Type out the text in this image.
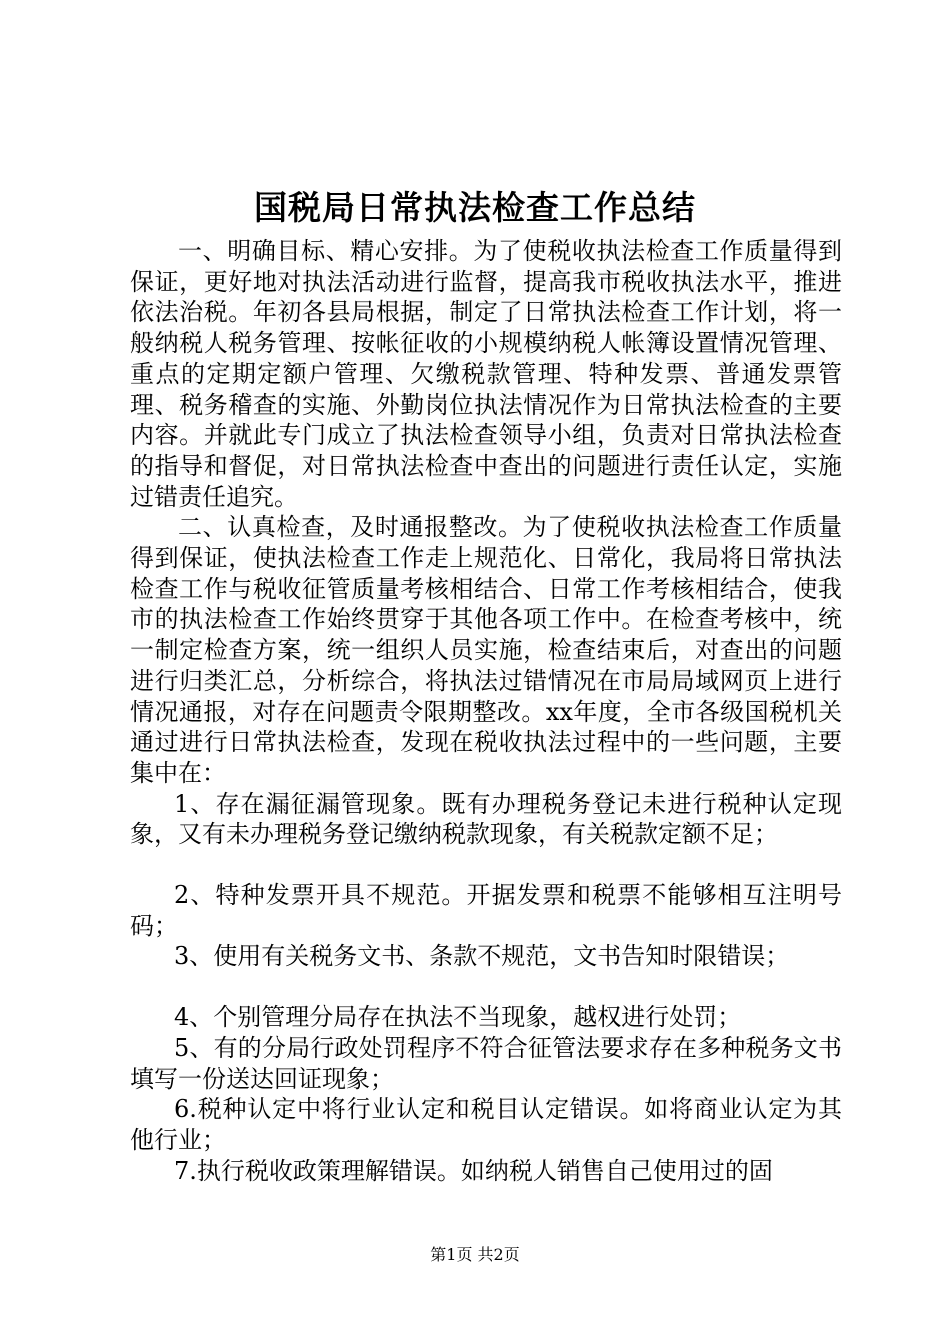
国税局日常执法检查工作总结

一、明确目标、精心安排。为了使税收执法检查工作质量得到保证，更好地对执法活动进行监督，提高我市税收执法水平，推进依法治税。年初各县局根据，制定了日常执法检查工作计划，将一般纳税人税务管理、按帐征收的小规模纳税人帐簿设置情况管理、重点的定期定额户管理、欠缴税款管理、特种发票、普通发票管理、税务稽查的实施、外勤岗位执法情况作为日常执法检查的主要内容。并就此专门成立了执法检查领导小组，负责对日常执法检查的指导和督促，对日常执法检查中查出的问题进行责任认定，实施过错责任追究。

二、认真检查，及时通报整改。为了使税收执法检查工作质量得到保证，使执法检查工作走上规范化、日常化，我局将日常执法检查工作与税收征管质量考核相结合、日常工作考核相结合，使我市的执法检查工作始终贯穿于其他各项工作中。在检查考核中，统一制定检查方案，统一组织人员实施，检查结束后，对查出的问题进行归类汇总，分析综合，将执法过错情况在市局局域网页上进行情况通报，对存在问题责令限期整改。xx年度，全市各级国税机关通过进行日常执法检查，发现在税收执法过程中的一些问题，主要集中在：

1、存在漏征漏管现象。既有办理税务登记未进行税种认定现象，又有未办理税务登记缴纳税款现象，有关税款定额不足；

2、特种发票开具不规范。开据发票和税票不能够相互注明号码；

3、使用有关税务文书、条款不规范，文书告知时限错误；

4、个别管理分局存在执法不当现象，越权进行处罚；

5、有的分局行政处罚程序不符合征管法要求存在多种税务文书填写一份送达回证现象；

6.税种认定中将行业认定和税目认定错误。如将商业认定为其他行业；

7.执行税收政策理解错误。如纳税人销售自己使用过的固

第1页 共2页
